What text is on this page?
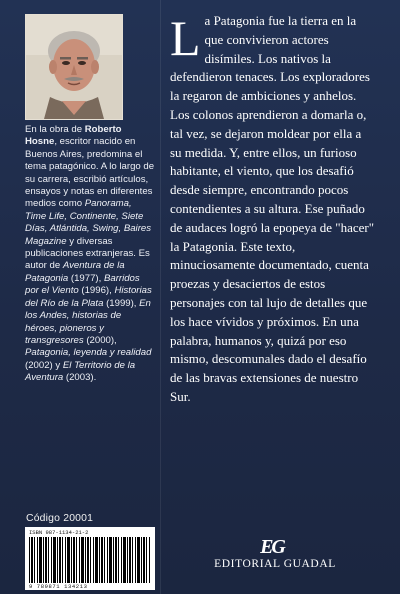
En la obra de Roberto Hosne, escritor nacido en Buenos Aires, predomina el tema patagónico. A lo largo de su carrera, escribió artículos, ensayos y notas en diferentes medios como Panorama, Time Life, Continente, Siete Días, Atlántida, Swing, Baires Magazine y diversas publicaciones extranjeras. Es autor de Aventura de la Patagonia (1977), Barridos por el Viento (1996), Historias del Río de la Plata (1999), En los Andes, historias de héroes, pioneros y transgresores (2000), Patagonia, leyenda y realidad (2002) y El Territorio de la Aventura (2003).
Código 20001
ISBN 987-1134-21-2
9 789871 134213
La Patagonia fue la tierra en la que convivieron actores disímiles. Los nativos la defendieron tenaces. Los exploradores la regaron de ambiciones y anhelos. Los colonos aprendieron a domarla o, tal vez, se dejaron moldear por ella a su medida. Y, entre ellos, un furioso habitante, el viento, que los desafió desde siempre, encontrando pocos contendientes a su altura. Ese puñado de audaces logró la epopeya de "hacer" la Patagonia. Este texto, minuciosamente documentado, cuenta proezas y desaciertos de estos personajes con tal lujo de detalles que los hace vívidos y próximos. En una palabra, humanos y, quizá por eso mismo, descomunales dado el desafío de las bravas extensiones de nuestro Sur.
EG
EDITORIAL GUADAL
